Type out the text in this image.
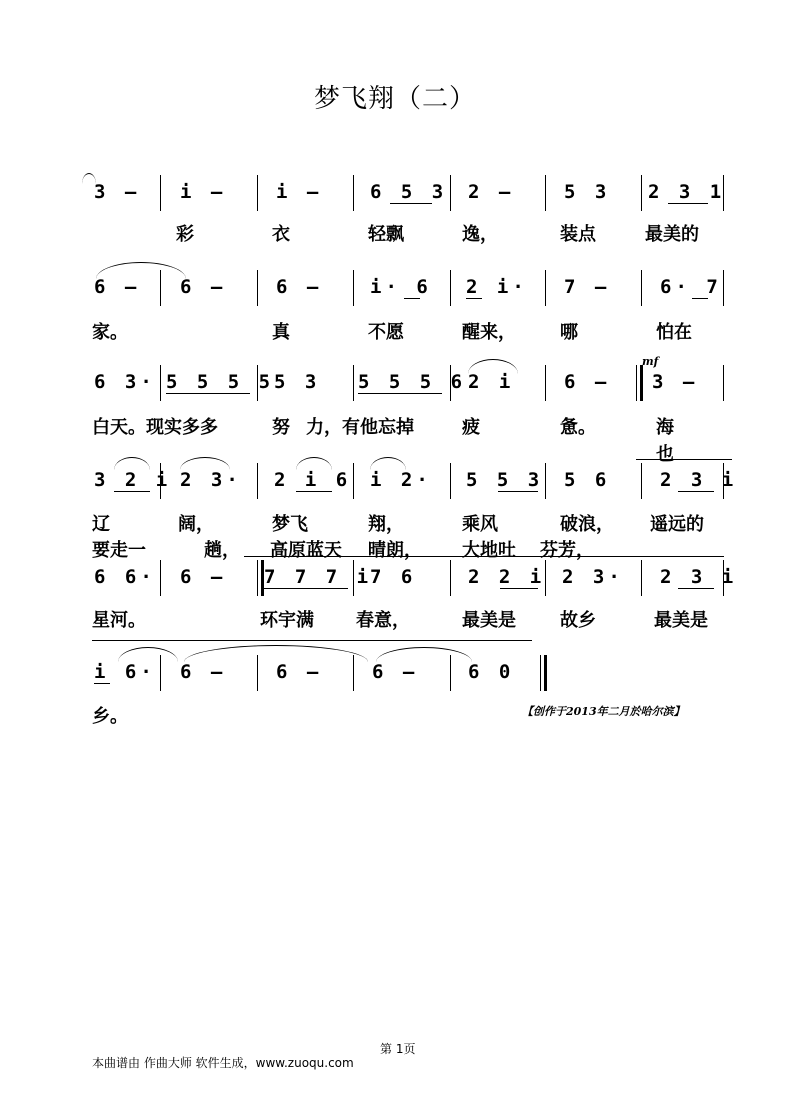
梦飞翔（二）
3 – i –	i –	6 5 3 2 –	5 3 2 3 1
彩	衣	轻飘	逸，	装点	最美的
6 – 6 –	6 –	i· 6 2 i· 7 –	6· 7
家。	真	不愿	醒来， 哪	怕在
6 3· 5 5 5 5 5 3 5 5 5 6 2 i	6 –
mf
3 –
白天。现实多多	努 力，有他忘掉	疲	惫。	海
3 2 i 2 3· 2 i 6 i 2· 5 5 3 5 6	2 3 i
辽	阔，	梦飞	翔，	乘风	破浪， 遥远的
要走一	趟， 高原蓝天 晴朗， 大地吐 芬芳，
也
6 6· 6 – 7 7 7 i
7 6	2 2 i 2 3· 2 3 i
星河。	环宇满 春意，	最美是 故乡	最美是
i 6· 6 –	6 –	6 –	6 0
乡。	【创作于2013年二月於哈尔滨】
第 1页
本曲谱由 作曲大师 软件生成，www.zuoqu.com
